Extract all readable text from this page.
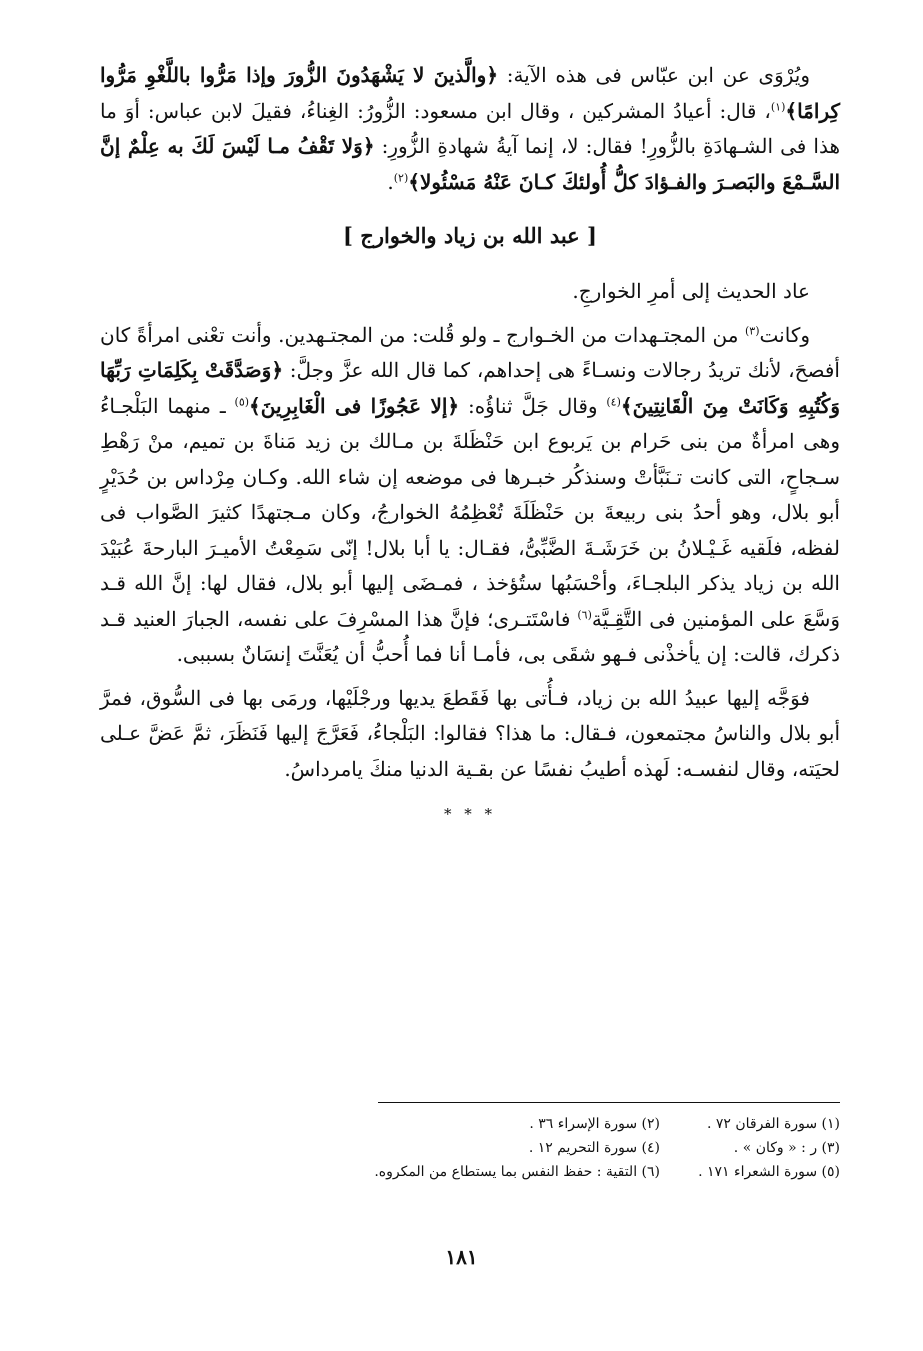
ويُرْوَى عن ابن عبّاس فى هذه الآية: ﴿والَّذينَ لا يَشْهَدُونَ الزُّورَ وإذا مَرُّوا باللَّغْوِ مَرُّوا كِرامًا﴾$^{(١)}$، قال: أعيادُ المشركين ، وقال ابن مسعود: الزُّورُ: الغِناءُ، فقيلَ لابن عباس: أوَ ما هذا فى الشـهادَةِ بالزُّورِ! فقال: لا، إنما آيةُ شهادةِ الزُّورِ: ﴿وَلا تَقْفُ مـا لَيْسَ لَكَ به عِلْمٌ إنَّ السَّـمْعَ والبَصـرَ والفـؤادَ كلُّ أُولئكَ كـانَ عَنْهُ مَسْئُولا﴾$^{(٢)}$.

[ عبد الله بن زياد والخوارج ]

عاد الحديث إلى أمرِ الخوارجِ.

وكانت$^{(٣)}$ من المجتـهدات من الخـوارج ـ ولو قُلت: من المجتـهدين. وأنت تعْنى امرأةً كان أفصحَ، لأنك تريدُ رجالات ونسـاءً هى إحداهم، كما قال الله عزَّ وجلَّ: ﴿وَصَدَّقَتْ بِكَلِمَاتِ رَبِّهَا وَكُتُبِهِ وَكَانَتْ مِنَ الْقَانِتِينَ﴾$^{(٤)}$ وقال جَلَّ ثناؤُه: ﴿إلا عَجُوزًا فى الْغَابِرِينَ﴾$^{(٥)}$ ـ منهما البَلْجـاءُ وهى امرأةٌ من بنى حَرام بن يَربوع ابن حَنْظَلةَ بن مـالك بن زيد مَناةَ بن تميم، منْ رَهْطِ سـجاحٍ، التى كانت تـنَبَّأتْ وسنذكُر خبـرها فى موضعه إن شاء الله. وكـان مِرْداس بن حُدَيْرٍ أبو بلال، وهو أحدُ بنى ربيعةَ بن حَنْظَلَةَ تُعْظِمُهُ الخوارجُ، وكان مـجتهدًا كثيرَ الصَّواب فى لفظه، فلَقيه غَـيْـلانُ بن خَرَشَـةَ الضَّبِّىُّ، فقـال: يا أبا بلال! إنّى سَمِعْتُ الأميـرَ البارحةَ عُبَيْدَ الله بن زياد يذكر البلجـاءَ، وأحْسَبُها ستُؤخذ ، فمـضَى إليها أبو بلال، فقال لها: إنَّ الله قـد وَسَّعَ على المؤمنين فى التَّقِـيَّة$^{(٦)}$ فاسْتَتـرى؛ فإنَّ هذا المسْرِفَ على نفسه، الجبارَ العنيد قـد ذكرك، قالت: إن يأخذْنى فـهو شقَى بى، فأمـا أنا فما أُحبُّ أن يُعَنَّتَ إنسَانٌ بسببى.

فوَجَّه إليها عبيدُ الله بن زياد، فـأُتى بها فَقَطعَ يديها ورجْلَيْها، ورمَى بها فى السُّوق، فمرَّ أبو بلال والناسُ مجتمعون، فـقال: ما هذا؟ فقالوا: البَلْجاءُ، فَعَرَّجَ إليها فَنَظَرَ، ثمَّ عَضَّ عـلى لحيَته، وقال لنفسـه: لَهذه أطيبُ نفسًا عن بقـية الدنيا منكَ يامرداسُ.

* * *
(١) سورة الفرقان ٧٢ .
(٢) سورة الإسراء ٣٦ .
(٣) ر : « وكان » .
(٤) سورة التحريم ١٢ .
(٥) سورة الشعراء ١٧١ .
(٦) التقية : حفظ النفس بما يستطاع من المكروه.
١٨١
